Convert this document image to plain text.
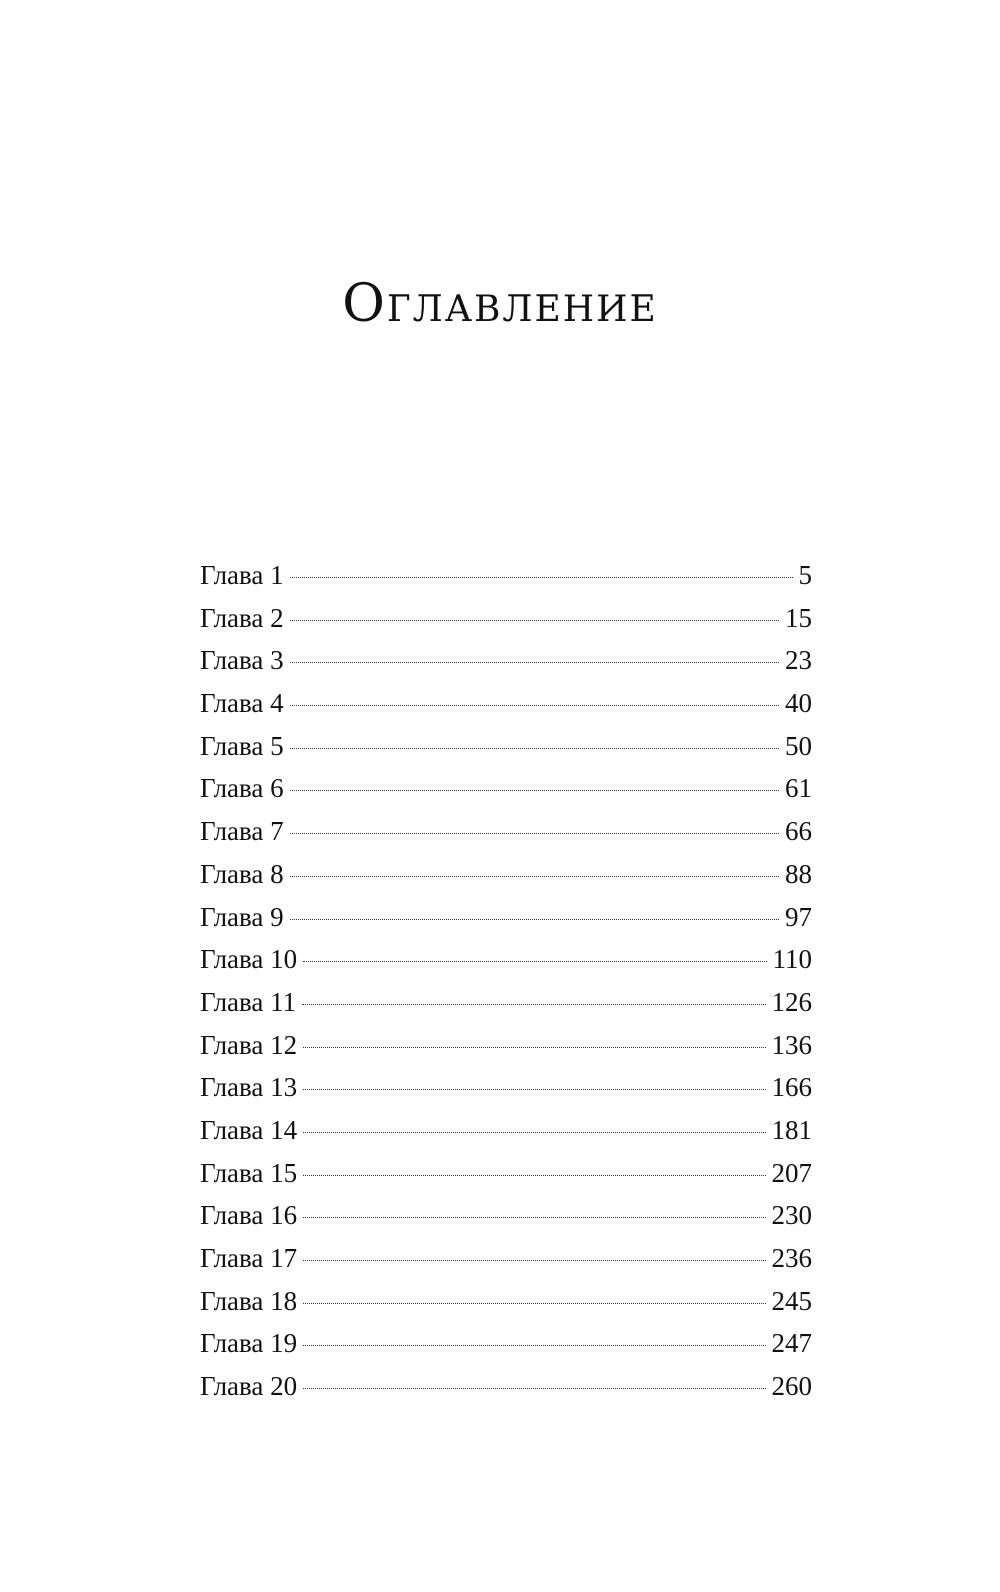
Оглавление
Глава 1	5
Глава 2	15
Глава 3	23
Глава 4	40
Глава 5	50
Глава 6	61
Глава 7	66
Глава 8	88
Глава 9	97
Глава 10	110
Глава 11	126
Глава 12	136
Глава 13	166
Глава 14	181
Глава 15	207
Глава 16	230
Глава 17	236
Глава 18	245
Глава 19	247
Глава 20	260
